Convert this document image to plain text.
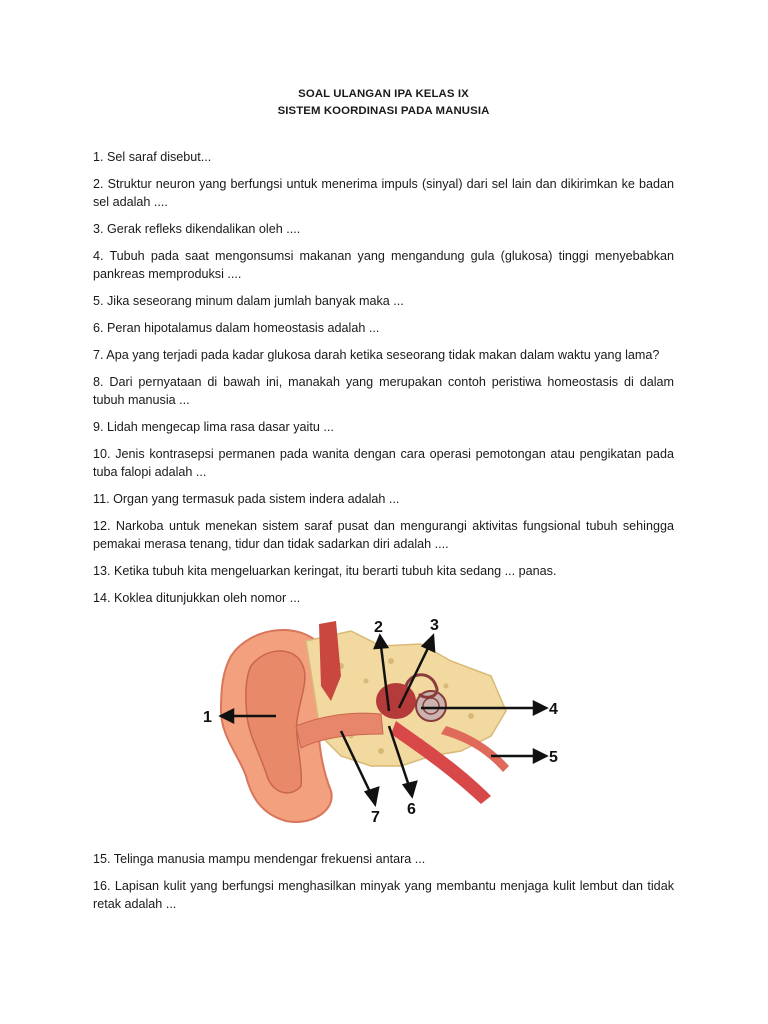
SOAL ULANGAN IPA KELAS IX
SISTEM KOORDINASI PADA MANUSIA

1. Sel saraf disebut...

2. Struktur neuron yang berfungsi untuk menerima impuls (sinyal) dari sel lain dan dikirimkan ke badan sel adalah ....

3. Gerak refleks dikendalikan oleh ....

4. Tubuh pada saat mengonsumsi makanan yang mengandung gula (glukosa) tinggi menyebabkan pankreas memproduksi ....

5. Jika seseorang minum dalam jumlah banyak maka ...

6. Peran hipotalamus dalam homeostasis adalah ...

7. Apa yang terjadi pada kadar glukosa darah ketika seseorang tidak makan dalam waktu yang lama?

8. Dari pernyataan di bawah ini, manakah yang merupakan contoh peristiwa homeostasis di dalam tubuh manusia ...

9. Lidah mengecap lima rasa dasar yaitu ...

10. Jenis kontrasepsi permanen pada wanita dengan cara operasi pemotongan atau pengikatan pada tuba falopi adalah ...

11. Organ yang termasuk pada sistem indera adalah ...

12. Narkoba untuk menekan sistem saraf pusat dan mengurangi aktivitas fungsional tubuh sehingga pemakai merasa tenang, tidur dan tidak sadarkan diri adalah ....

13. Ketika tubuh kita mengeluarkan keringat, itu berarti tubuh kita sedang ... panas.

14. Koklea ditunjukkan oleh nomor ...

1
2	3
4
5
6
7

15. Telinga manusia mampu mendengar frekuensi antara ...

16. Lapisan kulit yang berfungsi menghasilkan minyak yang membantu menjaga kulit lembut dan tidak retak adalah ...
